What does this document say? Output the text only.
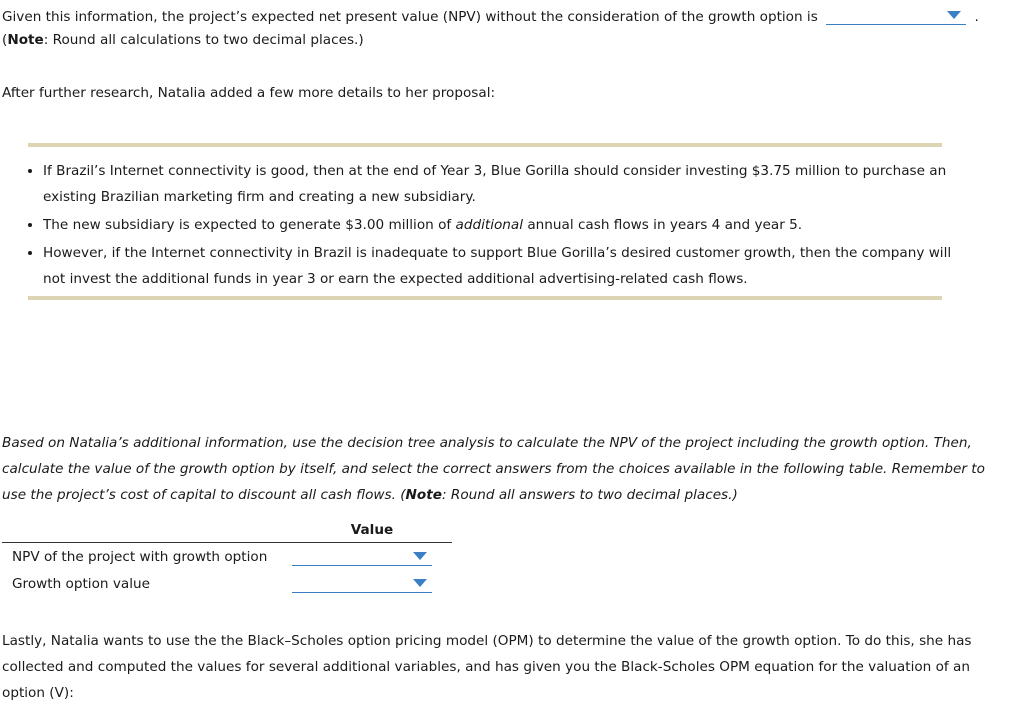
Given this information, the project’s expected net present value (NPV) without the consideration of the growth option is	.
(Note: Round all calculations to two decimal places.)
After further research, Natalia added a few more details to her proposal:
• If Brazil’s Internet connectivity is good, then at the end of Year 3, Blue Gorilla should consider investing $3.75 million to purchase an existing Brazilian marketing firm and creating a new subsidiary.
• The new subsidiary is expected to generate $3.00 million of additional annual cash flows in years 4 and year 5.
• However, if the Internet connectivity in Brazil is inadequate to support Blue Gorilla’s desired customer growth, then the company will not invest the additional funds in year 3 or earn the expected additional advertising-related cash flows.
Based on Natalia’s additional information, use the decision tree analysis to calculate the NPV of the project including the growth option. Then, calculate the value of the growth option by itself, and select the correct answers from the choices available in the following table. Remember to use the project’s cost of capital to discount all cash flows. (Note: Round all answers to two decimal places.)
	Value
NPV of the project with growth option	

Growth option value	
Lastly, Natalia wants to use the the Black–Scholes option pricing model (OPM) to determine the value of the growth option. To do this, she has collected and computed the values for several additional variables, and has given you the Black-Scholes OPM equation for the valuation of an option (V):
